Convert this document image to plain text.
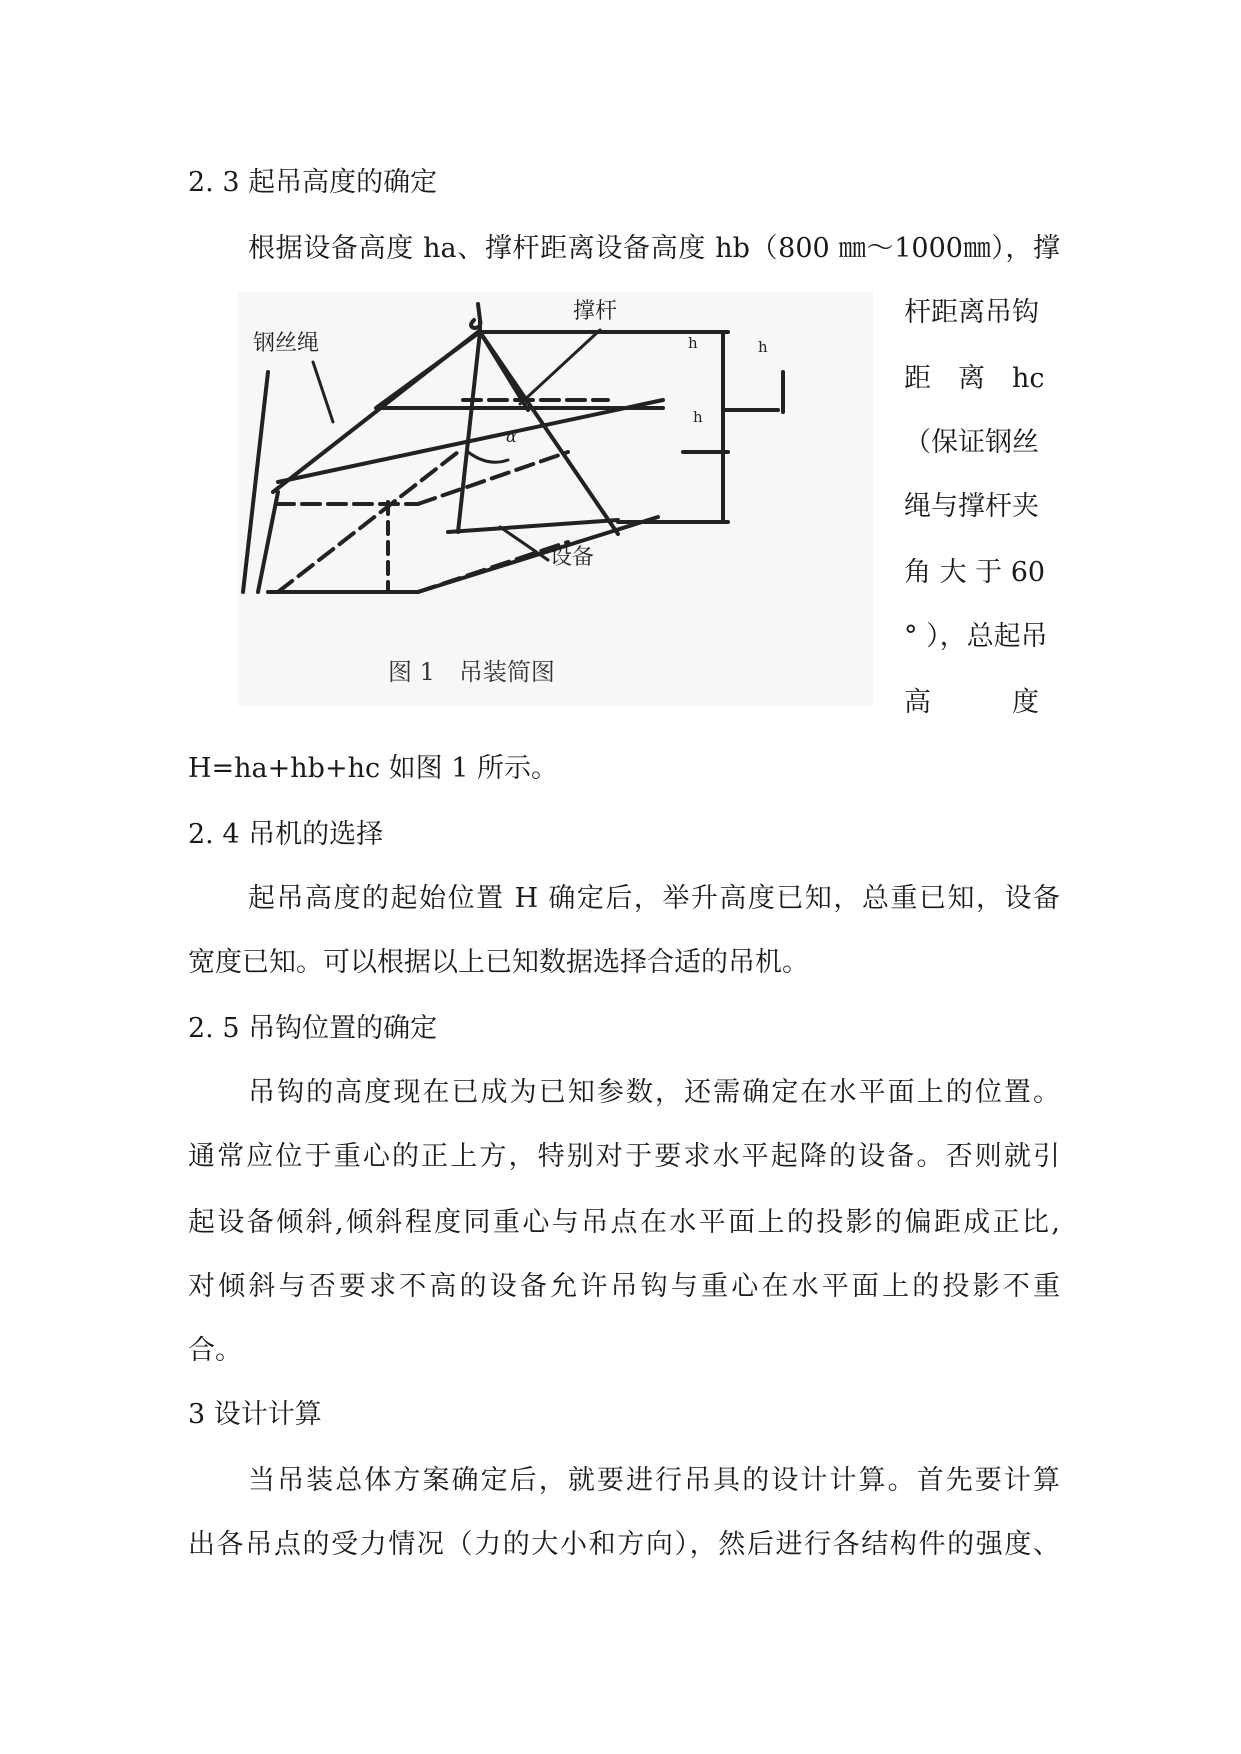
2. 3 起吊高度的确定
根据设备高度 ha、撑杆距离设备高度 hb（800 ㎜～1000㎜），撑
钢丝绳
撑杆
设备
h	h
h
α
图 1　吊装简图
杆距离吊钩
距　离　hc
（保证钢丝
绳与撑杆夹
角 大 于 60
° ），总起吊
高　　　度
H=ha+hb+hc 如图 1 所示。
2. 4 吊机的选择
起吊高度的起始位置 H 确定后，举升高度已知，总重已知，设备
宽度已知。可以根据以上已知数据选择合适的吊机。
2. 5 吊钩位置的确定
吊钩的高度现在已成为已知参数，还需确定在水平面上的位置。
通常应位于重心的正上方，特别对于要求水平起降的设备。否则就引
起设备倾斜,倾斜程度同重心与吊点在水平面上的投影的偏距成正比,
对倾斜与否要求不高的设备允许吊钩与重心在水平面上的投影不重
合。
3 设计计算
当吊装总体方案确定后，就要进行吊具的设计计算。首先要计算
出各吊点的受力情况（力的大小和方向），然后进行各结构件的强度、
